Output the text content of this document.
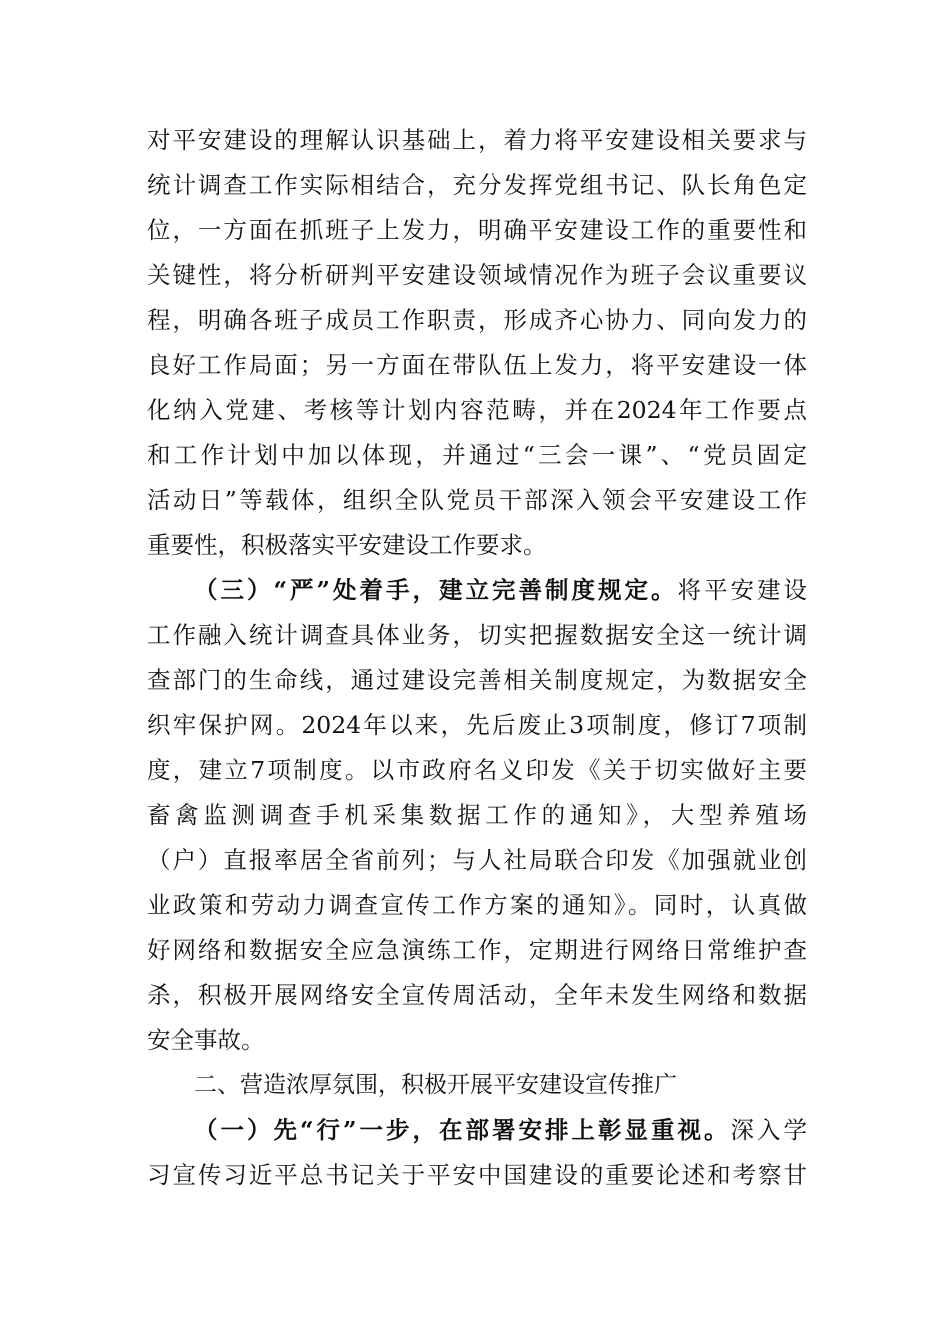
对平安建设的理解认识基础上，着力将平安建设相关要求与
统计调查工作实际相结合，充分发挥党组书记、队长角色定
位，一方面在抓班子上发力，明确平安建设工作的重要性和
关键性，将分析研判平安建设领域情况作为班子会议重要议
程，明确各班子成员工作职责，形成齐心协力、同向发力的
良好工作局面；另一方面在带队伍上发力，将平安建设一体
化纳入党建、考核等计划内容范畴，并在2024年工作要点
和工作计划中加以体现，并通过“三会一课”、“党员固定
活动日”等载体，组织全队党员干部深入领会平安建设工作
重要性，积极落实平安建设工作要求。
（三）“严”处着手，建立完善制度规定。将平安建设
工作融入统计调查具体业务，切实把握数据安全这一统计调
查部门的生命线，通过建设完善相关制度规定，为数据安全
织牢保护网。2024年以来，先后废止3项制度，修订7项制
度，建立7项制度。以市政府名义印发《关于切实做好主要
畜禽监测调查手机采集数据工作的通知》，大型养殖场
（户）直报率居全省前列；与人社局联合印发《加强就业创
业政策和劳动力调查宣传工作方案的通知》。同时，认真做
好网络和数据安全应急演练工作，定期进行网络日常维护查
杀，积极开展网络安全宣传周活动，全年未发生网络和数据
安全事故。
二、营造浓厚氛围，积极开展平安建设宣传推广
（一）先“行”一步，在部署安排上彰显重视。深入学
习宣传习近平总书记关于平安中国建设的重要论述和考察甘
